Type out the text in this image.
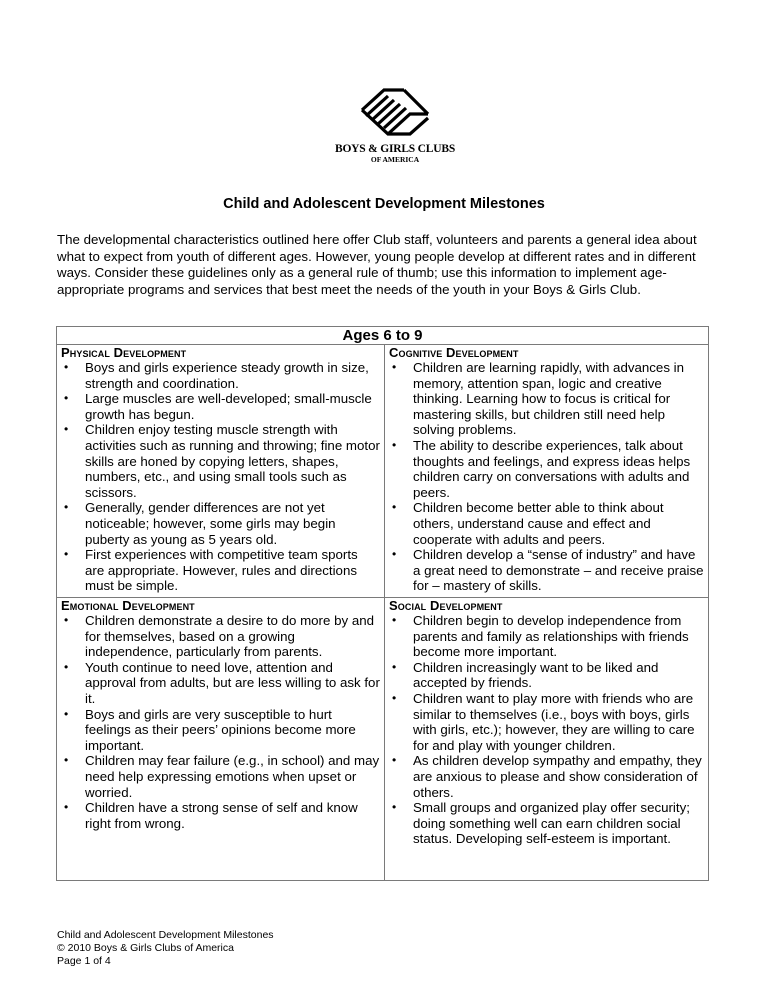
BOYS & GIRLS CLUBS
OF AMERICA
Child and Adolescent Development Milestones

The developmental characteristics outlined here offer Club staff, volunteers and parents a general idea about what to expect from youth of different ages. However, young people develop at different rates and in different ways. Consider these guidelines only as a general rule of thumb; use this information to implement age-appropriate programs and services that best meet the needs of the youth in your Boys & Girls Club.

Ages 6 to 9	

Physical Development
• Boys and girls experience steady growth in size, strength and coordination.
• Large muscles are well-developed; small-muscle growth has begun.
• Children enjoy testing muscle strength with activities such as running and throwing; fine motor skills are honed by copying letters, shapes, numbers, etc., and using small tools such as scissors.
• Generally, gender differences are not yet noticeable; however, some girls may begin puberty as young as 5 years old.
• First experiences with competitive team sports are appropriate. However, rules and directions must be simple.

Cognitive Development
• Children are learning rapidly, with advances in memory, attention span, logic and creative thinking. Learning how to focus is critical for mastering skills, but children still need help solving problems.
• The ability to describe experiences, talk about thoughts and feelings, and express ideas helps children carry on conversations with adults and peers.
• Children become better able to think about others, understand cause and effect and cooperate with adults and peers.
• Children develop a “sense of industry” and have a great need to demonstrate – and receive praise for – mastery of skills.

Emotional Development
• Children demonstrate a desire to do more by and for themselves, based on a growing independence, particularly from parents.
• Youth continue to need love, attention and approval from adults, but are less willing to ask for it.
• Boys and girls are very susceptible to hurt feelings as their peers’ opinions become more important.
• Children may fear failure (e.g., in school) and may need help expressing emotions when upset or worried.
• Children have a strong sense of self and know right from wrong.

Social Development
• Children begin to develop independence from parents and family as relationships with friends become more important.
• Children increasingly want to be liked and accepted by friends.
• Children want to play more with friends who are similar to themselves (i.e., boys with boys, girls with girls, etc.); however, they are willing to care for and play with younger children.
• As children develop sympathy and empathy, they are anxious to please and show consideration of others.
• Small groups and organized play offer security; doing something well can earn children social status. Developing self-esteem is important.
Child and Adolescent Development Milestones
© 2010 Boys & Girls Clubs of America
Page 1 of 4
